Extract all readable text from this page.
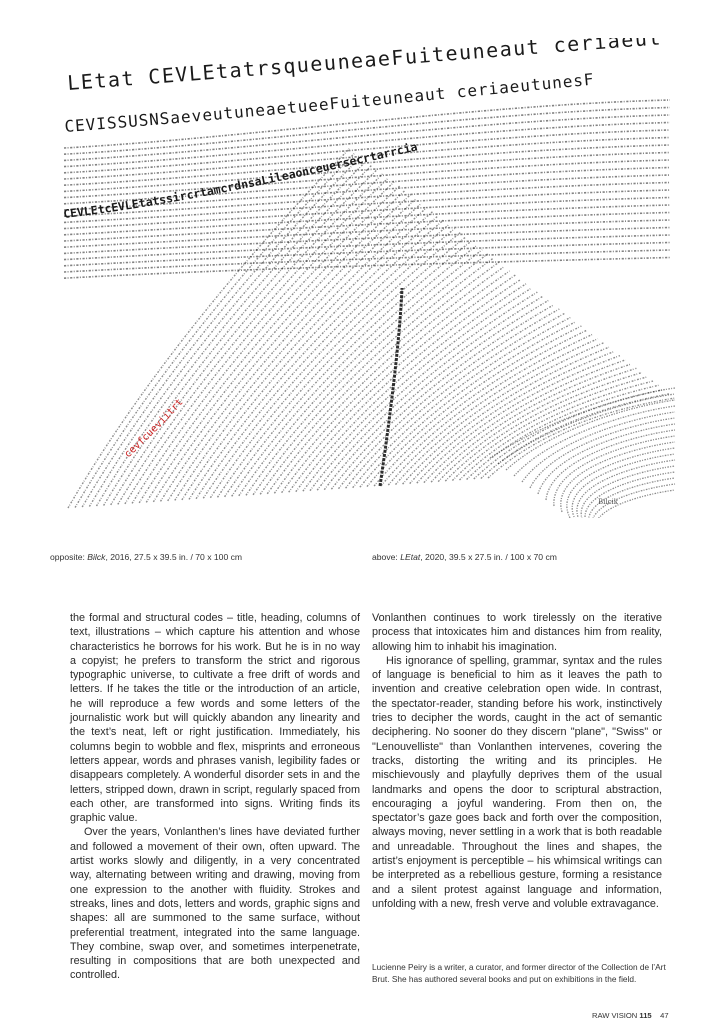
LEtat CEVLEtatrsqueuneaeFuiteuneaut ceriaeu
CEVISSUSNSaeveutuneaetueeFuiteuneaut ceriaeutunesF
CEVLEtcEVLEtatssircrtamcrdnsaLileaonceuersecrtarrcia
cevfcueviitrt
Bilcik
opposite: Bilck, 2016, 27.5 x 39.5 in. / 70 x 100 cm	above: LEtat, 2020, 39.5 x 27.5 in. / 100 x 70 cm

the formal and structural codes – title, heading, columns of text, illustrations – which capture his attention and whose characteristics he borrows for his work. But he is in no way a copyist; he prefers to transform the strict and rigorous typographic universe, to cultivate a free drift of words and letters. If he takes the title or the introduction of an article, he will reproduce a few words and some letters of the journalistic work but will quickly abandon any linearity and the text’s neat, left or right justification. Immediately, his columns begin to wobble and flex, misprints and erroneous letters appear, words and phrases vanish, legibility fades or disappears completely. A wonderful disorder sets in and the letters, stripped down, drawn in script, regularly spaced from each other, are transformed into signs. Writing finds its graphic value.

Over the years, Vonlanthen’s lines have deviated further and followed a movement of their own, often upward. The artist works slowly and diligently, in a very concentrated way, alternating between writing and drawing, moving from one expression to the another with fluidity. Strokes and streaks, lines and dots, letters and words, graphic signs and shapes: all are summoned to the same surface, without preferential treatment, integrated into the same language. They combine, swap over, and sometimes interpenetrate, resulting in compositions that are both unexpected and controlled.

Vonlanthen continues to work tirelessly on the iterative process that intoxicates him and distances him from reality, allowing him to inhabit his imagination.

His ignorance of spelling, grammar, syntax and the rules of language is beneficial to him as it leaves the path to invention and creative celebration open wide. In contrast, the spectator-reader, standing before his work, instinctively tries to decipher the words, caught in the act of semantic deciphering. No sooner do they discern "plane", "Swiss" or "Lenouvelliste" than Vonlanthen intervenes, covering the tracks, distorting the writing and its principles. He mischievously and playfully deprives them of the usual landmarks and opens the door to scriptural abstraction, encouraging a joyful wandering. From then on, the spectator’s gaze goes back and forth over the composition, always moving, never settling in a work that is both readable and unreadable. Throughout the lines and shapes, the artist’s enjoyment is perceptible – his whimsical writings can be interpreted as a rebellious gesture, forming a resistance and a silent protest against language and information, unfolding with a new, fresh verve and voluble extravagance.

Lucienne Peiry is a writer, a curator, and former director of the Collection de l’Art Brut. She has authored several books and put on exhibitions in the field.
RAW VISION 115 47
